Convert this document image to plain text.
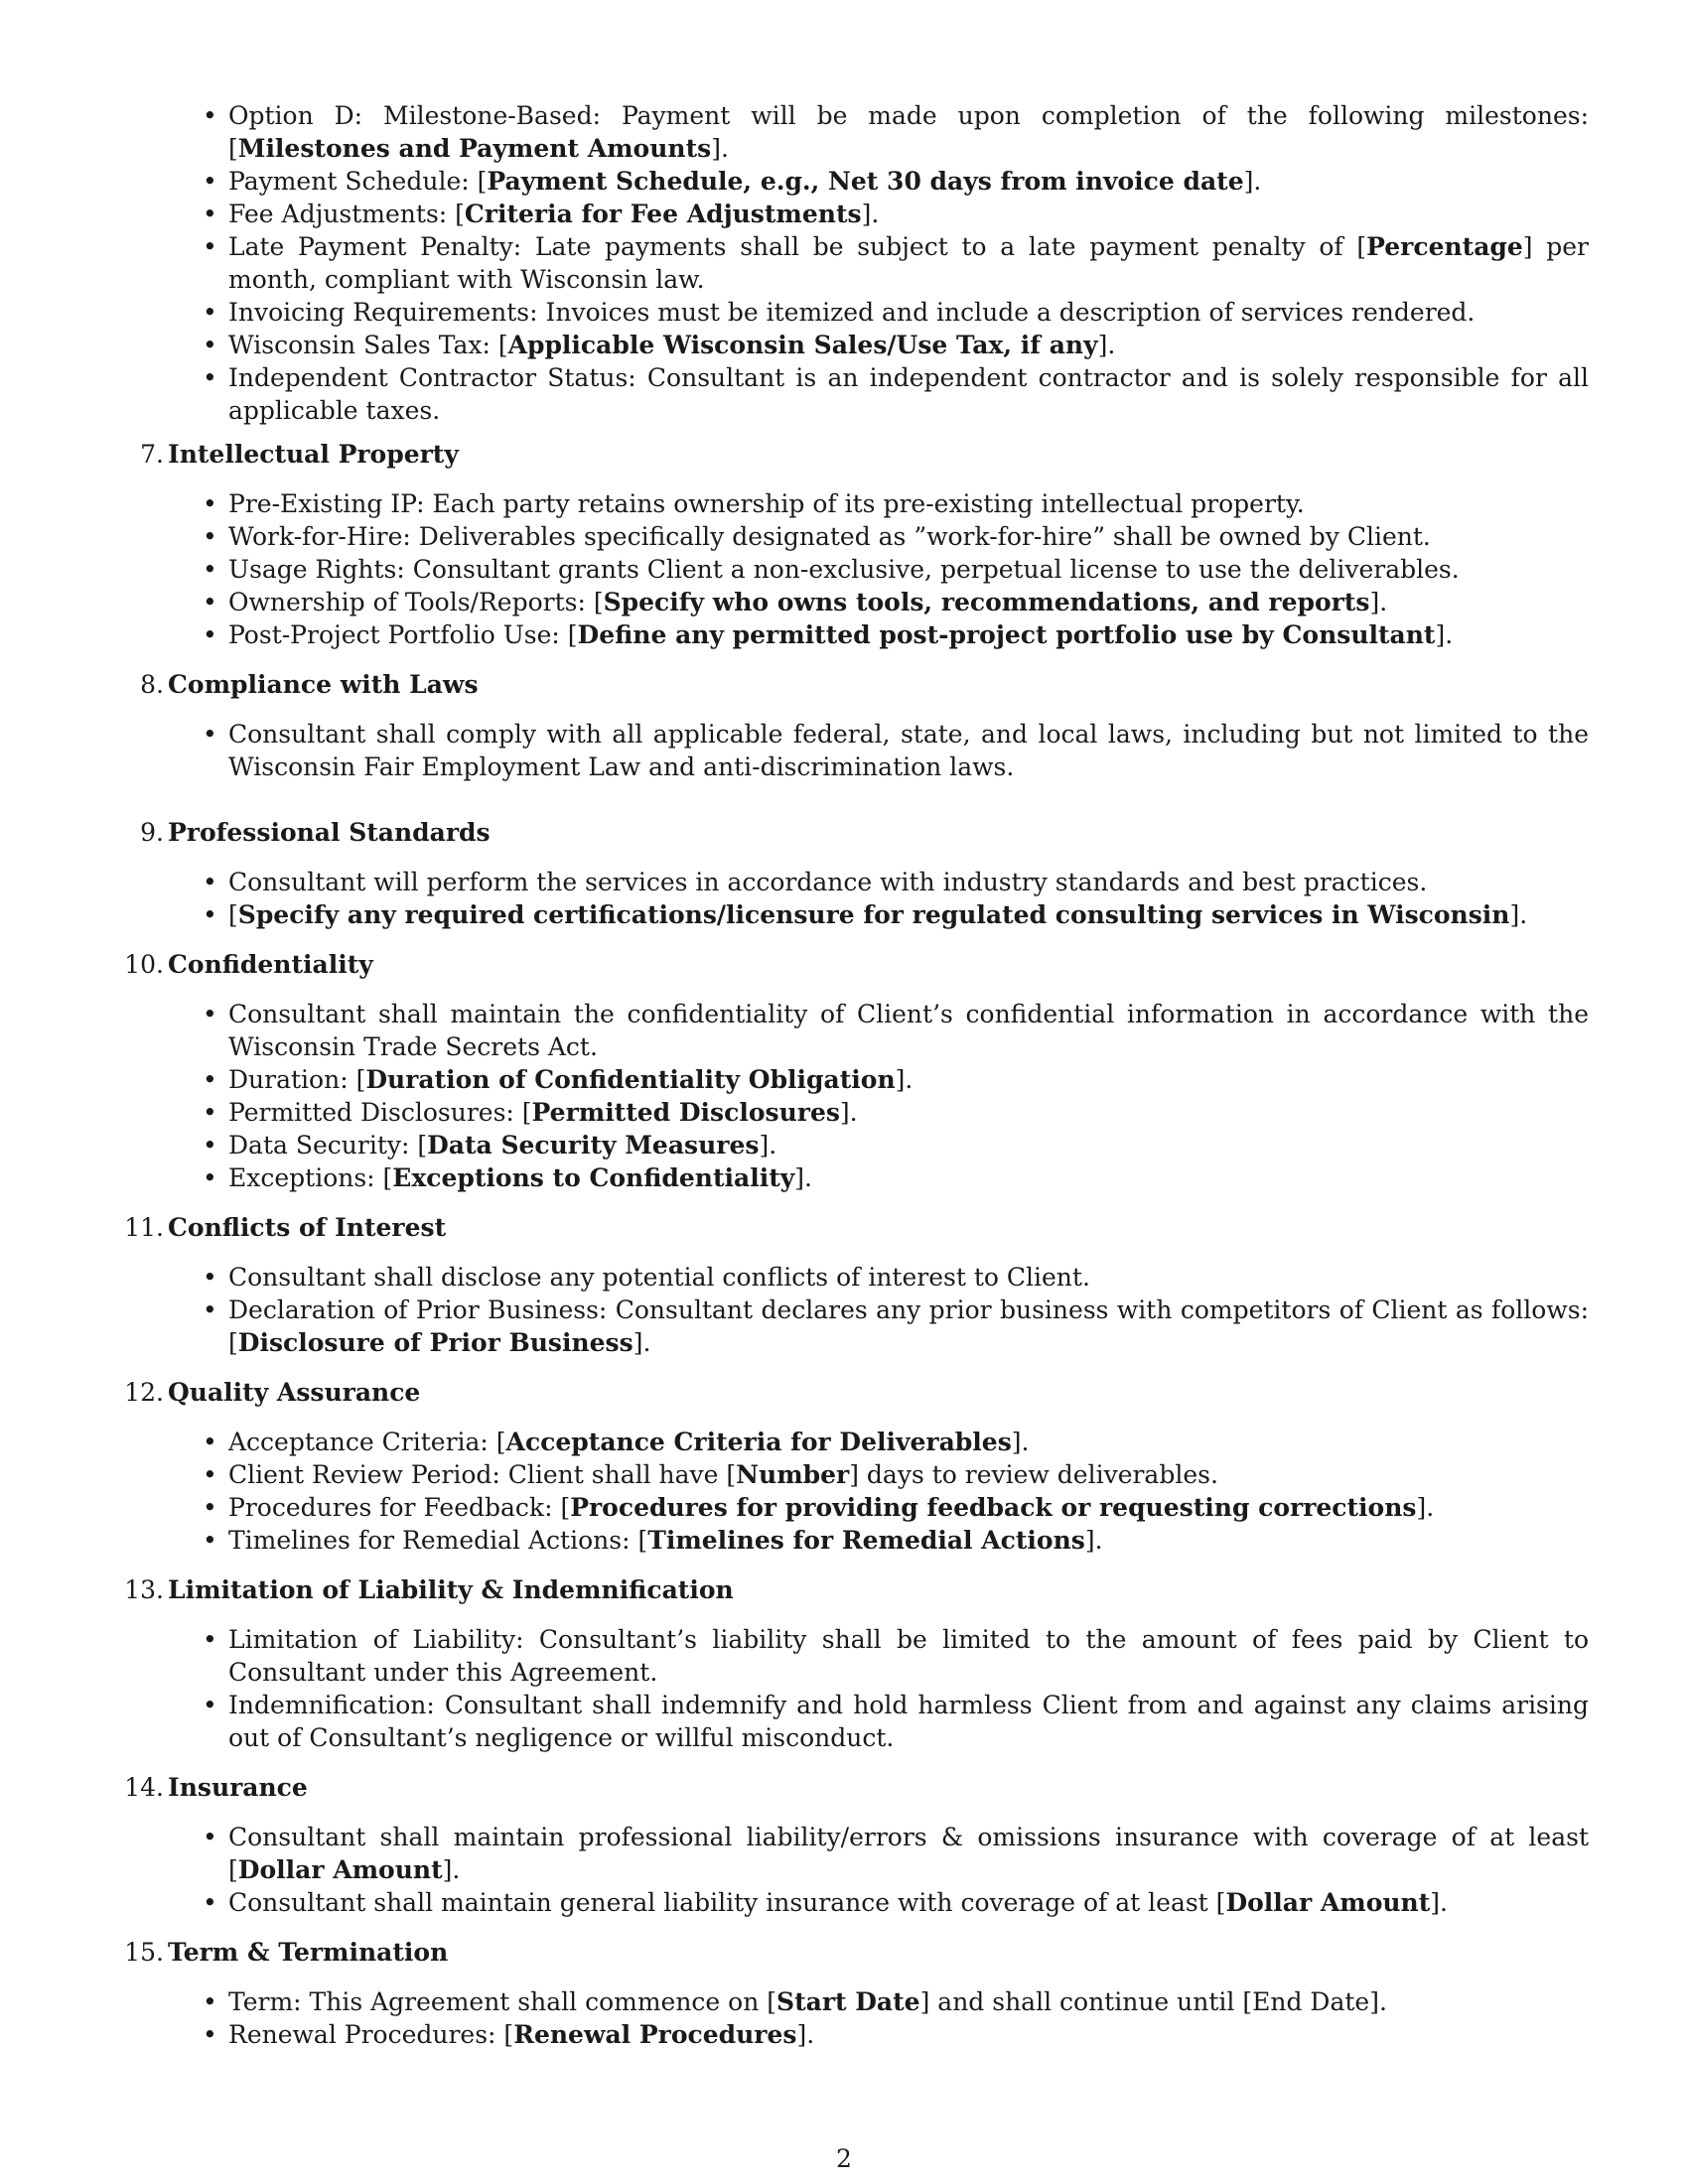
• Option D: Milestone-Based: Payment will be made upon completion of the following milestones: [Milestones and Payment Amounts].
• Payment Schedule: [Payment Schedule, e.g., Net 30 days from invoice date].
• Fee Adjustments: [Criteria for Fee Adjustments].
• Late Payment Penalty: Late payments shall be subject to a late payment penalty of [Percentage] per month, compliant with Wisconsin law.
• Invoicing Requirements: Invoices must be itemized and include a description of services rendered.
• Wisconsin Sales Tax: [Applicable Wisconsin Sales/Use Tax, if any].
• Independent Contractor Status: Consultant is an independent contractor and is solely responsible for all applicable taxes.
7. Intellectual Property
• Pre-Existing IP: Each party retains ownership of its pre-existing intellectual property.
• Work-for-Hire: Deliverables specifically designated as ”work-for-hire” shall be owned by Client.
• Usage Rights: Consultant grants Client a non-exclusive, perpetual license to use the deliverables.
• Ownership of Tools/Reports: [Specify who owns tools, recommendations, and reports].
• Post-Project Portfolio Use: [Define any permitted post-project portfolio use by Consultant].
8. Compliance with Laws
• Consultant shall comply with all applicable federal, state, and local laws, including but not limited to the Wisconsin Fair Employment Law and anti-discrimination laws.
9. Professional Standards
• Consultant will perform the services in accordance with industry standards and best practices.
• [Specify any required certifications/licensure for regulated consulting services in Wisconsin].
10. Confidentiality
• Consultant shall maintain the confidentiality of Client’s confidential information in accordance with the Wisconsin Trade Secrets Act.
• Duration: [Duration of Confidentiality Obligation].
• Permitted Disclosures: [Permitted Disclosures].
• Data Security: [Data Security Measures].
• Exceptions: [Exceptions to Confidentiality].
11. Conflicts of Interest
• Consultant shall disclose any potential conflicts of interest to Client.
• Declaration of Prior Business: Consultant declares any prior business with competitors of Client as follows: [Disclosure of Prior Business].
12. Quality Assurance
• Acceptance Criteria: [Acceptance Criteria for Deliverables].
• Client Review Period: Client shall have [Number] days to review deliverables.
• Procedures for Feedback: [Procedures for providing feedback or requesting corrections].
• Timelines for Remedial Actions: [Timelines for Remedial Actions].
13. Limitation of Liability & Indemnification
• Limitation of Liability: Consultant’s liability shall be limited to the amount of fees paid by Client to Consultant under this Agreement.
• Indemnification: Consultant shall indemnify and hold harmless Client from and against any claims arising out of Consultant’s negligence or willful misconduct.
14. Insurance
• Consultant shall maintain professional liability/errors & omissions insurance with coverage of at least [Dollar Amount].
• Consultant shall maintain general liability insurance with coverage of at least [Dollar Amount].
15. Term & Termination
• Term: This Agreement shall commence on [Start Date] and shall continue until [End Date].
• Renewal Procedures: [Renewal Procedures].
2
